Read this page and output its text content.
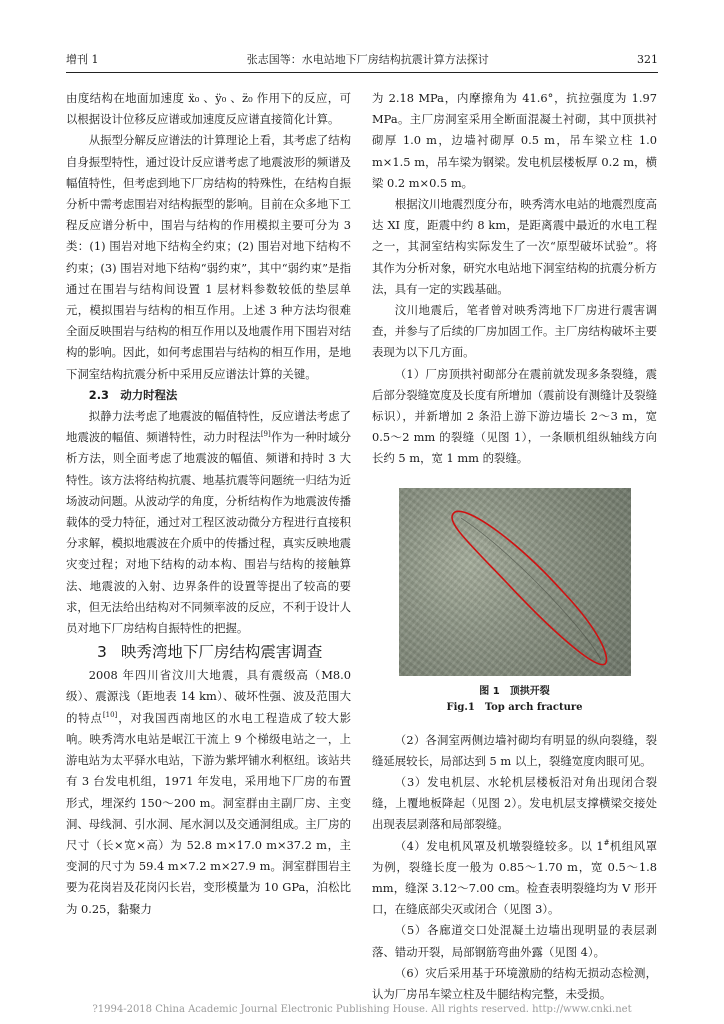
增刊 1	张志国等：水电站地下厂房结构抗震计算方法探讨	321

由度结构在地面加速度 ẍ₀ 、ÿ₀ 、z̈₀ 作用下的反应，可以根据设计位移反应谱或加速度反应谱直接简化计算。

从振型分解反应谱法的计算理论上看，其考虑了结构自身振型特性，通过设计反应谱考虑了地震波形的频谱及幅值特性，但考虑到地下厂房结构的特殊性，在结构自振分析中需考虑围岩对结构振型的影响。目前在众多地下工程反应谱分析中，围岩与结构的作用模拟主要可分为 3 类：(1) 围岩对地下结构全约束；(2) 围岩对地下结构不约束；(3) 围岩对地下结构“弱约束”，其中“弱约束”是指通过在围岩与结构间设置 1 层材料参数较低的垫层单元，模拟围岩与结构的相互作用。上述 3 种方法均很难全面反映围岩与结构的相互作用以及地震作用下围岩对结构的影响。因此，如何考虑围岩与结构的相互作用，是地下洞室结构抗震分析中采用反应谱法计算的关键。

2.3　动力时程法

拟静力法考虑了地震波的幅值特性，反应谱法考虑了地震波的幅值、频谱特性，动力时程法[9]作为一种时域分析方法，则全面考虑了地震波的幅值、频谱和持时 3 大特性。该方法将结构抗震、地基抗震等问题统一归结为近场波动问题。从波动学的角度，分析结构作为地震波传播载体的受力特征，通过对工程区波动微分方程进行直接积分求解，模拟地震波在介质中的传播过程，真实反映地震灾变过程；对地下结构的动本构、围岩与结构的接触算法、地震波的入射、边界条件的设置等提出了较高的要求，但无法给出结构对不同频率波的反应，不利于设计人员对地下厂房结构自振特性的把握。

3 映秀湾地下厂房结构震害调查

2008 年四川省汶川大地震，具有震级高（M8.0 级）、震源浅（距地表 14 km）、破坏性强、波及范围大的特点[10]，对我国西南地区的水电工程造成了较大影响。映秀湾水电站是岷江干流上 9 个梯级电站之一，上游电站为太平驿水电站，下游为紫坪铺水利枢纽。该站共有 3 台发电机组，1971 年发电，采用地下厂房的布置形式，埋深约 150～200 m。洞室群由主副厂房、主变洞、母线洞、引水洞、尾水洞以及交通洞组成。主厂房的尺寸（长×宽×高）为 52.8 m×17.0 m×37.2 m，主变洞的尺寸为 59.4 m×7.2 m×27.9 m。洞室群围岩主要为花岗岩及花岗闪长岩，变形模量为 10 GPa，泊松比为 0.25，黏聚力

为 2.18 MPa，内摩擦角为 41.6°，抗拉强度为 1.97 MPa。主厂房洞室采用全断面混凝土衬砌，其中顶拱衬砌厚 1.0 m，边墙衬砌厚 0.5 m，吊车梁立柱 1.0 m×1.5 m，吊车梁为钢梁。发电机层楼板厚 0.2 m，横梁 0.2 m×0.5 m。

根据汶川地震烈度分布，映秀湾水电站的地震烈度高达 XI 度，距震中约 8 km，是距离震中最近的水电工程之一，其洞室结构实际发生了一次“原型破坏试验”。将其作为分析对象，研究水电站地下洞室结构的抗震分析方法，具有一定的实践基础。

汶川地震后，笔者曾对映秀湾地下厂房进行震害调查，并参与了后续的厂房加固工作。主厂房结构破坏主要表现为以下几方面。

（1）厂房顶拱衬砌部分在震前就发现多条裂缝，震后部分裂缝宽度及长度有所增加（震前设有测缝计及裂缝标识），并新增加 2 条沿上游下游边墙长 2～3 m，宽 0.5～2 mm 的裂缝（见图 1），一条顺机组纵轴线方向长约 5 m，宽 1 mm 的裂缝。

图 1　顶拱开裂
Fig.1　Top arch fracture

（2）各洞室两侧边墙衬砌均有明显的纵向裂缝，裂缝延展较长，局部达到 5 m 以上，裂缝宽度肉眼可见。

（3）发电机层、水轮机层楼板沿对角出现闭合裂缝，上覆地板降起（见图 2）。发电机层支撑横梁交接处出现表层剥落和局部裂缝。

（4）发电机风罩及机墩裂缝较多。以 1#机组风罩为例，裂缝长度一般为 0.85～1.70 m，宽 0.5～1.8 mm，缝深 3.12～7.00 cm。检查表明裂缝均为 V 形开口，在缝底部尖灭或闭合（见图 3）。

（5）各廊道交口处混凝土边墙出现明显的表层剥落、错动开裂，局部钢筋弯曲外露（见图 4）。

（6）灾后采用基于环境激励的结构无损动态检测，认为厂房吊车梁立柱及牛腿结构完整，未受损。

?1994-2018 China Academic Journal Electronic Publishing House. All rights reserved. http://www.cnki.net
